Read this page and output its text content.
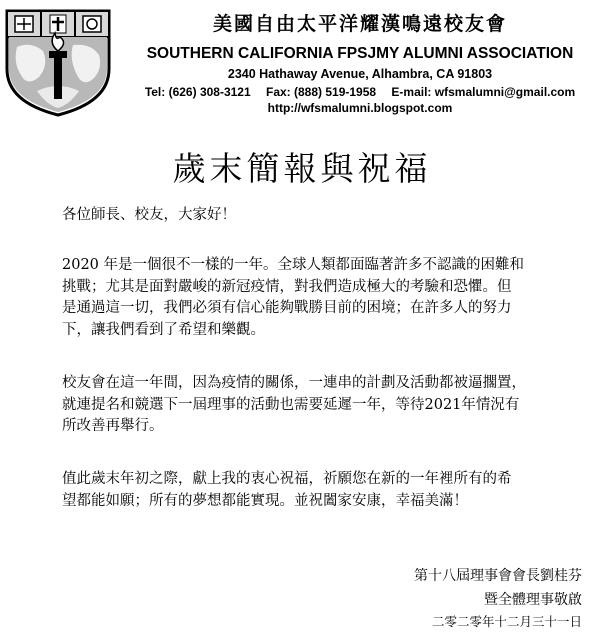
美國自由太平洋耀漢鳴遠校友會
SOUTHERN CALIFORNIA FPSJMY ALUMNI ASSOCIATION
2340 Hathaway Avenue, Alhambra, CA 91803
Tel: (626) 308-3121 Fax: (888) 519-1958 E-mail: wfsmalumni@gmail.com
http://wfsmalumni.blogspot.com
歲末簡報與祝福
各位師長、校友，大家好！
2020 年是一個很不一樣的一年。全球人類都面臨著許多不認識的困難和
挑戰；尤其是面對嚴峻的新冠疫情，對我們造成極大的考驗和恐懼。但
是通過這一切，我們必須有信心能夠戰勝目前的困境；在許多人的努力
下，讓我們看到了希望和樂觀。
校友會在這一年間，因為疫情的關係，一連串的計劃及活動都被逼擱置，
就連提名和競選下一屆理事的活動也需要延遲一年，等待2021年情況有
所改善再舉行。
值此歲末年初之際，獻上我的衷心祝福，祈願您在新的一年裡所有的希
望都能如願；所有的夢想都能實現。並祝闔家安康，幸福美滿！
第十八屆理事會會長劉桂芬
暨全體理事敬啟
二零二零年十二月三十一日
